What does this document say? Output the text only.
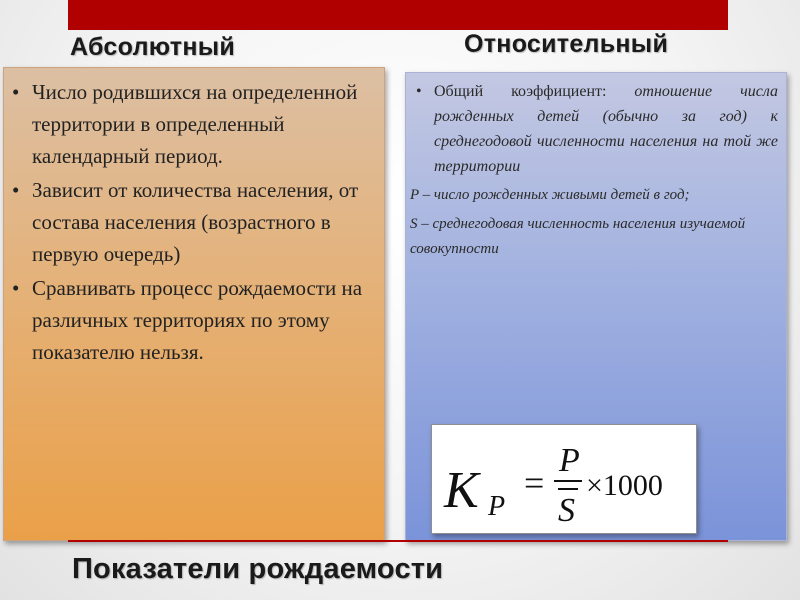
Абсолютный	Относительный
• Число родившихся на определенной территории в определенный календарный период.
• Зависит от количества населения, от состава населения (возрастного в первую очередь)
• Сравнивать процесс рождаемости на различных территориях по этому показателю нельзя.
• Общий коэффициент: отношение числа рожденных детей (обычно за год) к среднегодовой численности населения на той же территории
P – число рожденных живыми детей в год;
S – среднегодовая численность населения изучаемой совокупности
K P
=
P
S
×1000
Показатели рождаемости
